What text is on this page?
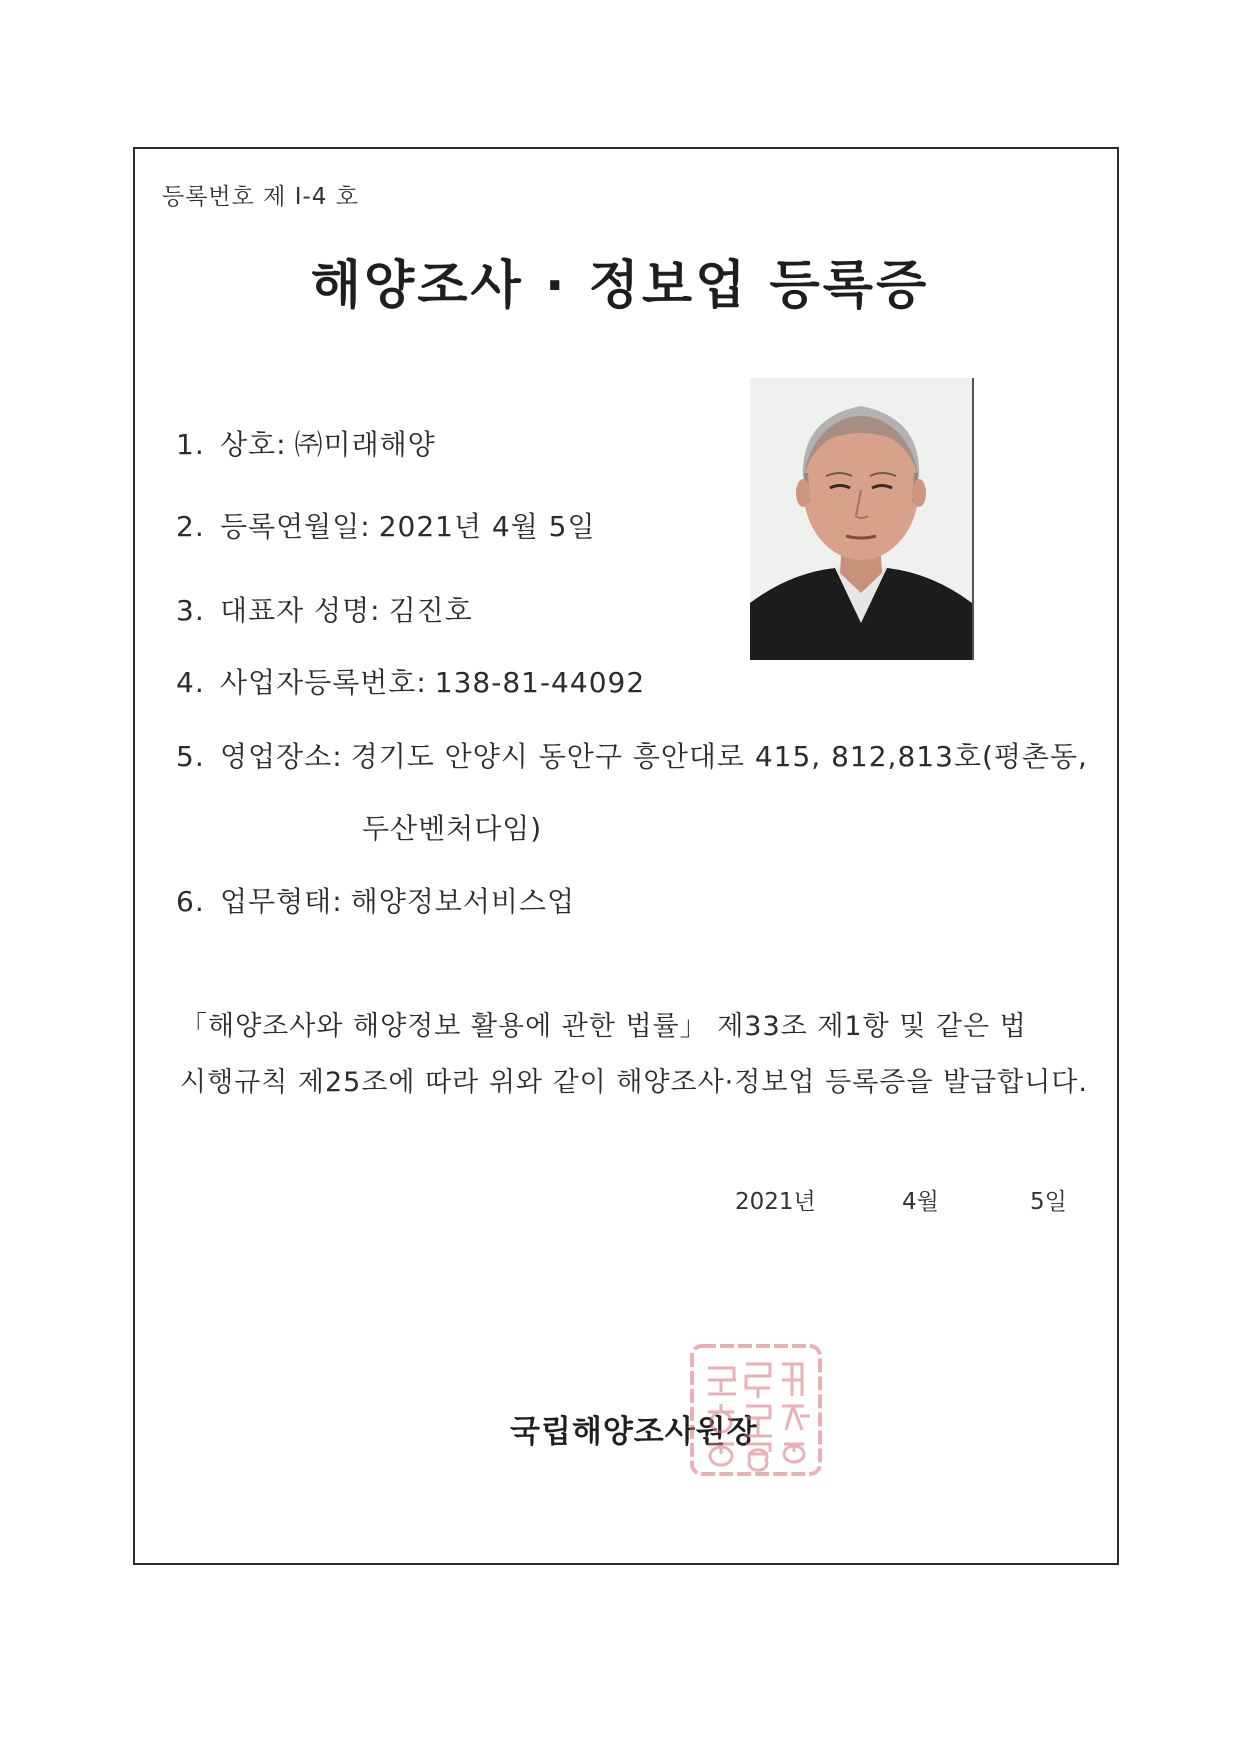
등록번호 제 I-4 호
해양조사 · 정보업 등록증
1. 상호: ㈜미래해양
2. 등록연월일: 2021년 4월 5일
3. 대표자 성명: 김진호
4. 사업자등록번호: 138-81-44092
5. 영업장소: 경기도 안양시 동안구 흥안대로 415, 812,813호(평촌동,
두산벤처다임)
6. 업무형태: 해양정보서비스업
「해양조사와 해양정보 활용에 관한 법률」 제33조 제1항 및 같은 법
시행규칙 제25조에 따라 위와 같이 해양조사·정보업 등록증을 발급합니다.
2021년	4월	5일
국립해양조사원장
